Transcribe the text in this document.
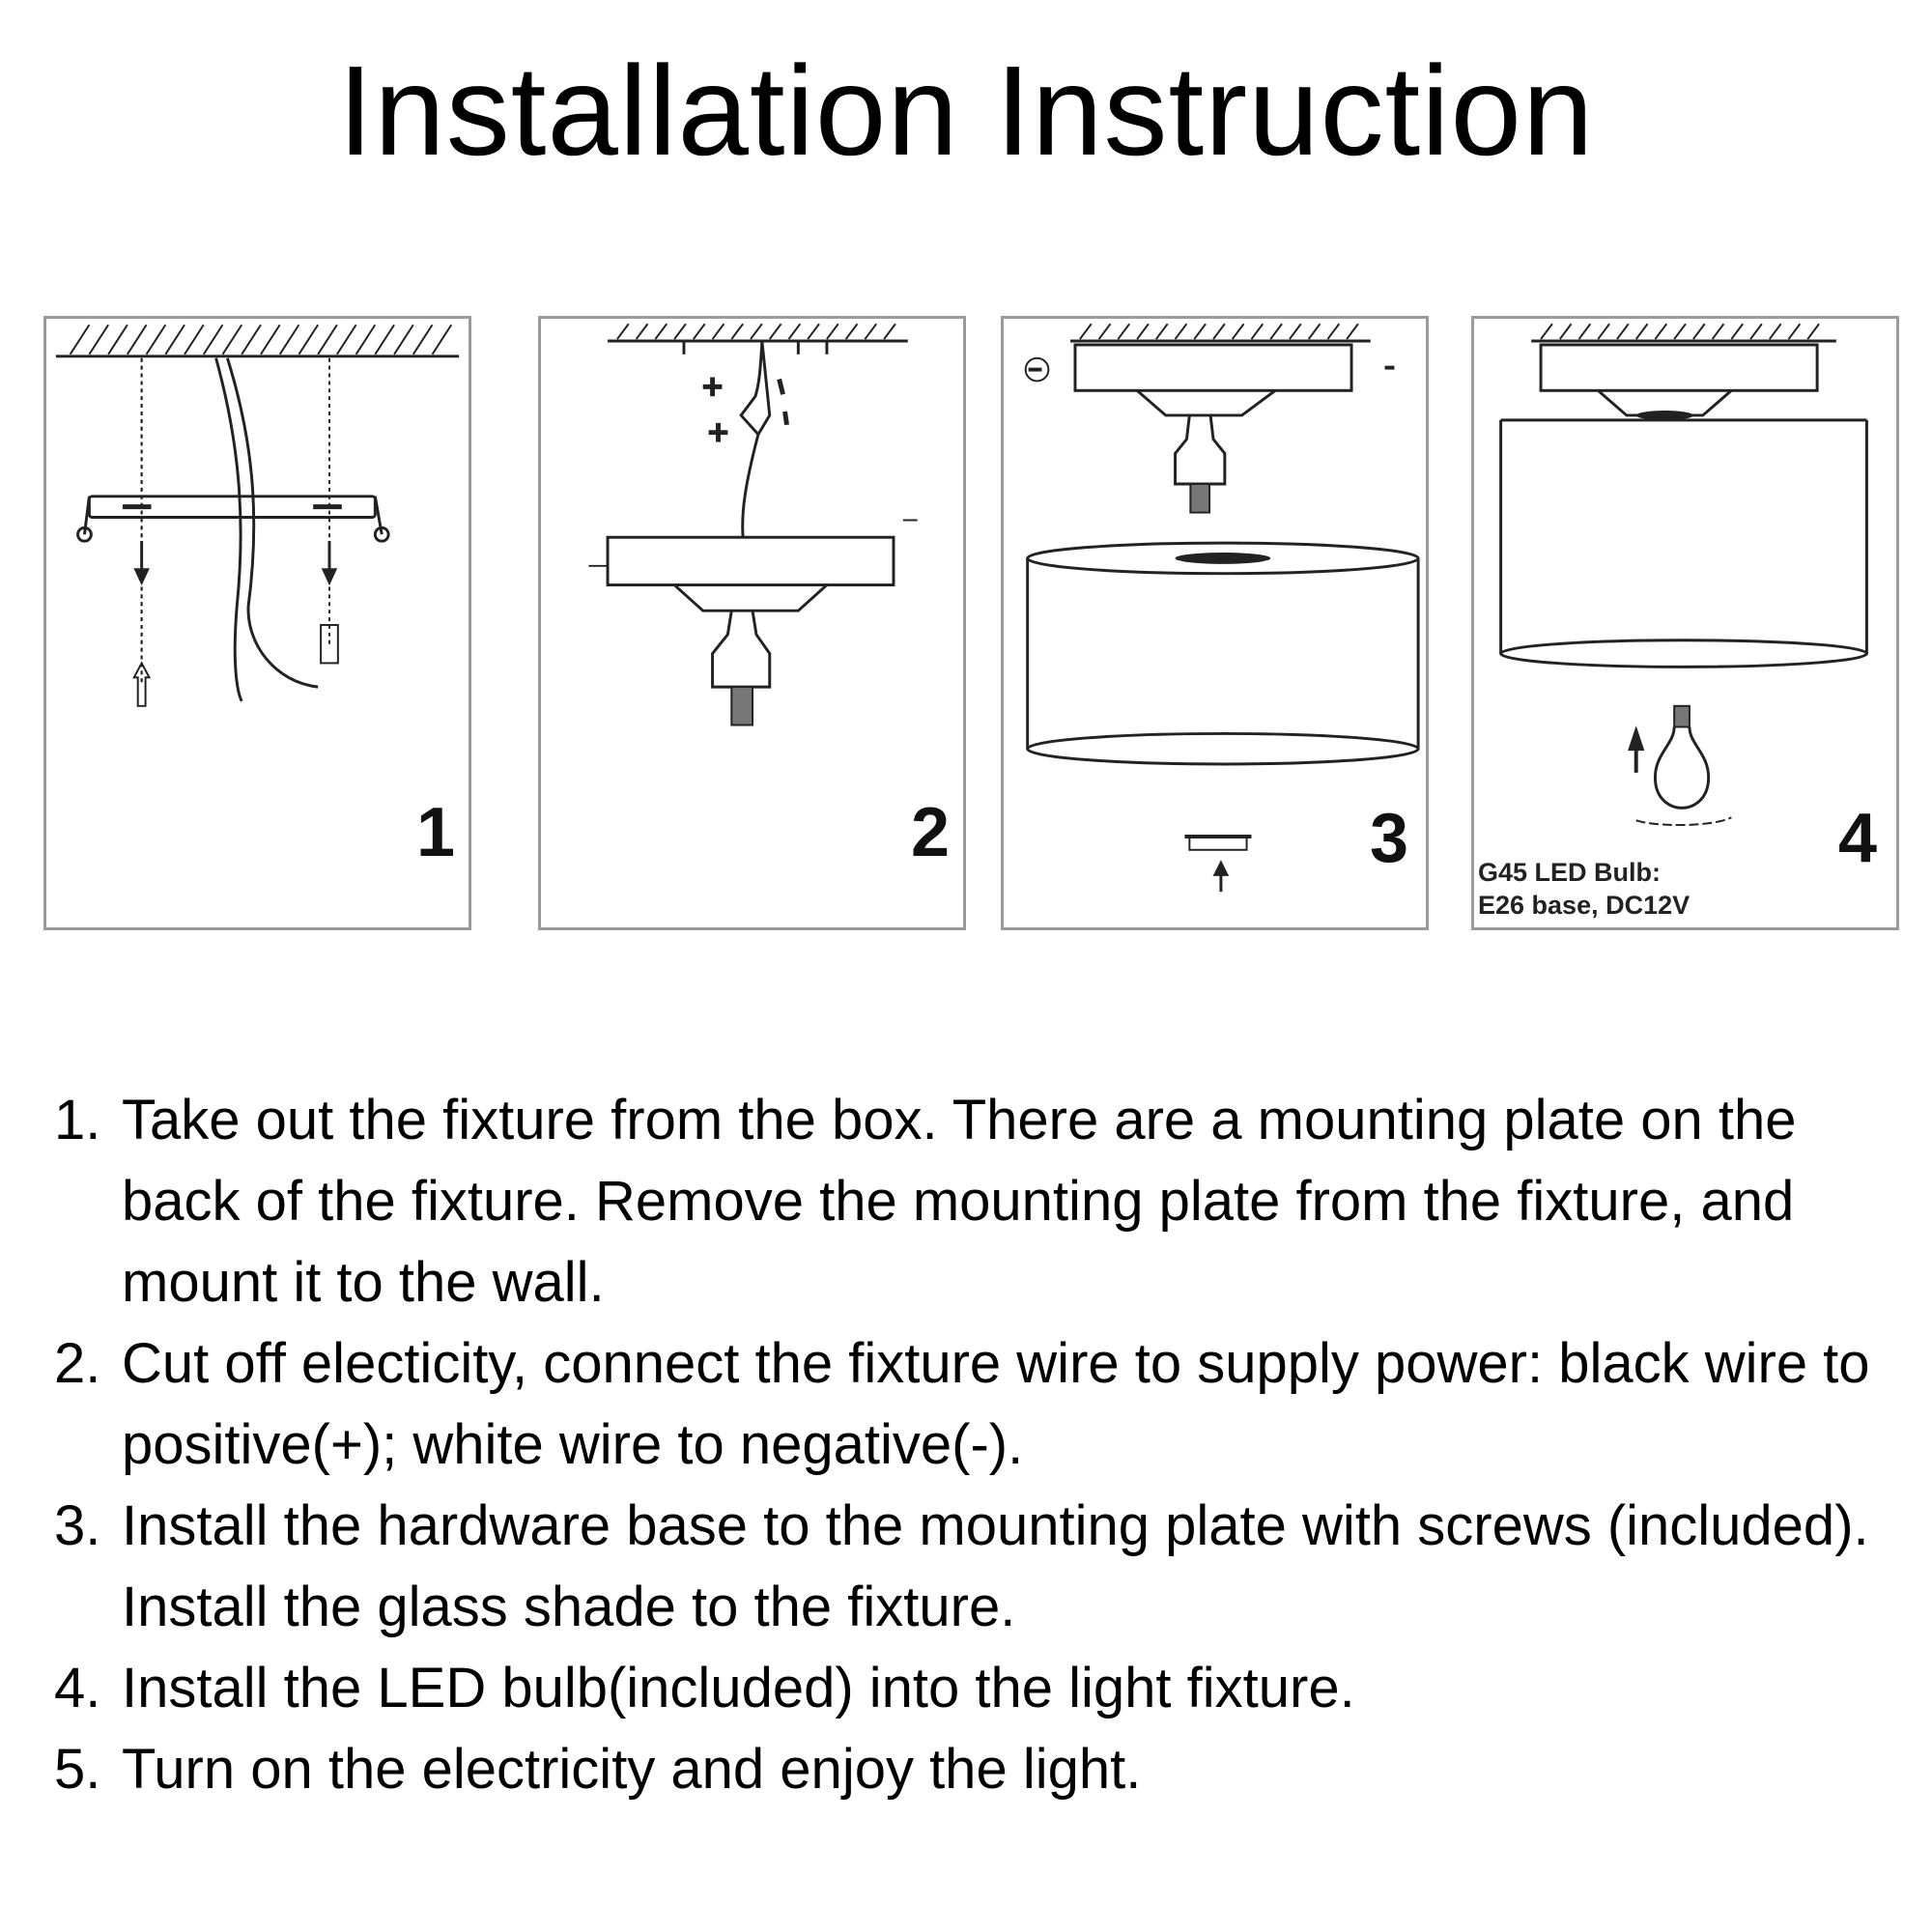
Installation Instruction
1	2	3	4
G45 LED Bulb:
E26 base, DC12V
1. Take out the fixture from the box. There are a mounting plate on the back of the fixture. Remove the mounting plate from the fixture, and mount it to the wall.
2. Cut off electicity, connect the fixture wire to supply power: black wire to positive(+); white wire to negative(-).
3. Install the hardware base to the mounting plate with screws (included). Install the glass shade to the fixture.
4. Install the LED bulb(included) into the light fixture.
5. Turn on the electricity and enjoy the light.
